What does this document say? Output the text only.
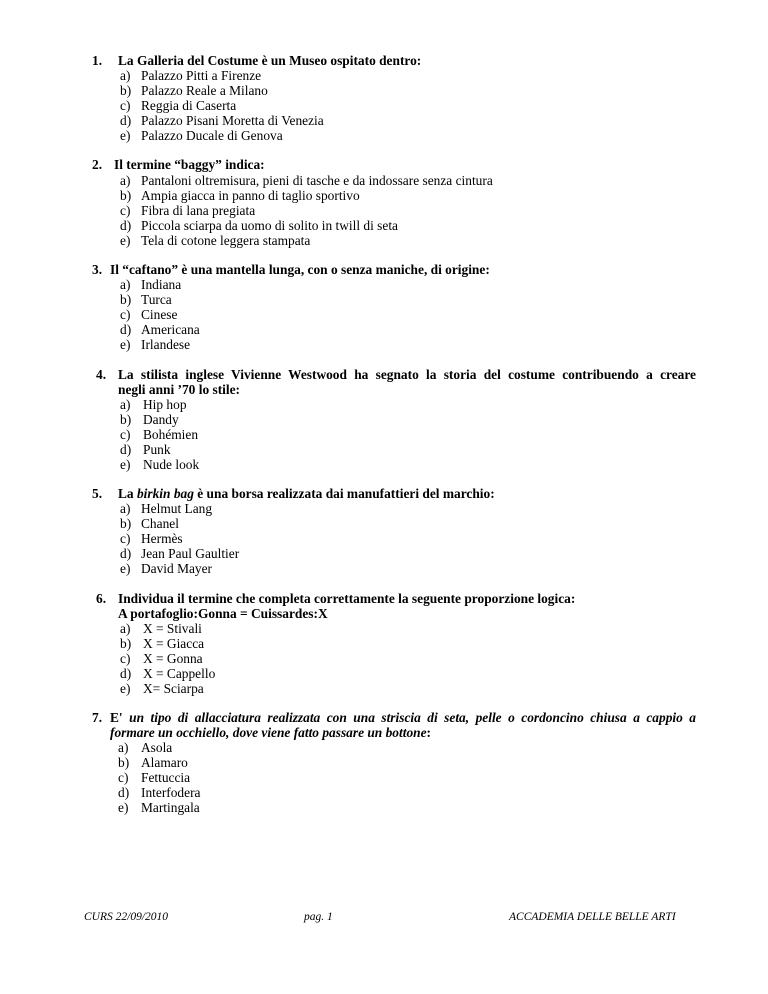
1. La Galleria del Costume è un Museo ospitato dentro:
a) Palazzo Pitti a Firenze
b) Palazzo Reale a Milano
c) Reggia di Caserta
d) Palazzo Pisani Moretta di Venezia
e) Palazzo Ducale di Genova
2. Il termine “baggy” indica:
a) Pantaloni oltremisura, pieni di tasche e da indossare senza cintura
b) Ampia giacca in panno di taglio sportivo
c) Fibra di lana pregiata
d) Piccola sciarpa da uomo di solito in twill di seta
e) Tela di cotone leggera stampata
3. Il “caftano” è una mantella lunga, con o senza maniche, di origine:
a) Indiana
b) Turca
c) Cinese
d) Americana
e) Irlandese
4. La stilista inglese Vivienne Westwood ha segnato la storia del costume contribuendo a creare
negli anni ’70 lo stile:
a) Hip hop
b) Dandy
c) Bohémien
d) Punk
e) Nude look
5. La birkin bag è una borsa realizzata dai manufattieri del marchio:
a) Helmut Lang
b) Chanel
c) Hermès
d) Jean Paul Gaultier
e) David Mayer
6. Individua il termine che completa correttamente la seguente proporzione logica:
A portafoglio:Gonna = Cuissardes:X
a) X = Stivali
b) X = Giacca
c) X = Gonna
d) X = Cappello
e) X= Sciarpa
7. E' un tipo di allacciatura realizzata con una striscia di seta, pelle o cordoncino chiusa a cappio a
formare un occhiello, dove viene fatto passare un bottone:
a) Asola
b) Alamaro
c) Fettuccia
d) Interfodera
e) Martingala
CURS 22/09/2010	pag. 1	ACCADEMIA DELLE BELLE ARTI
